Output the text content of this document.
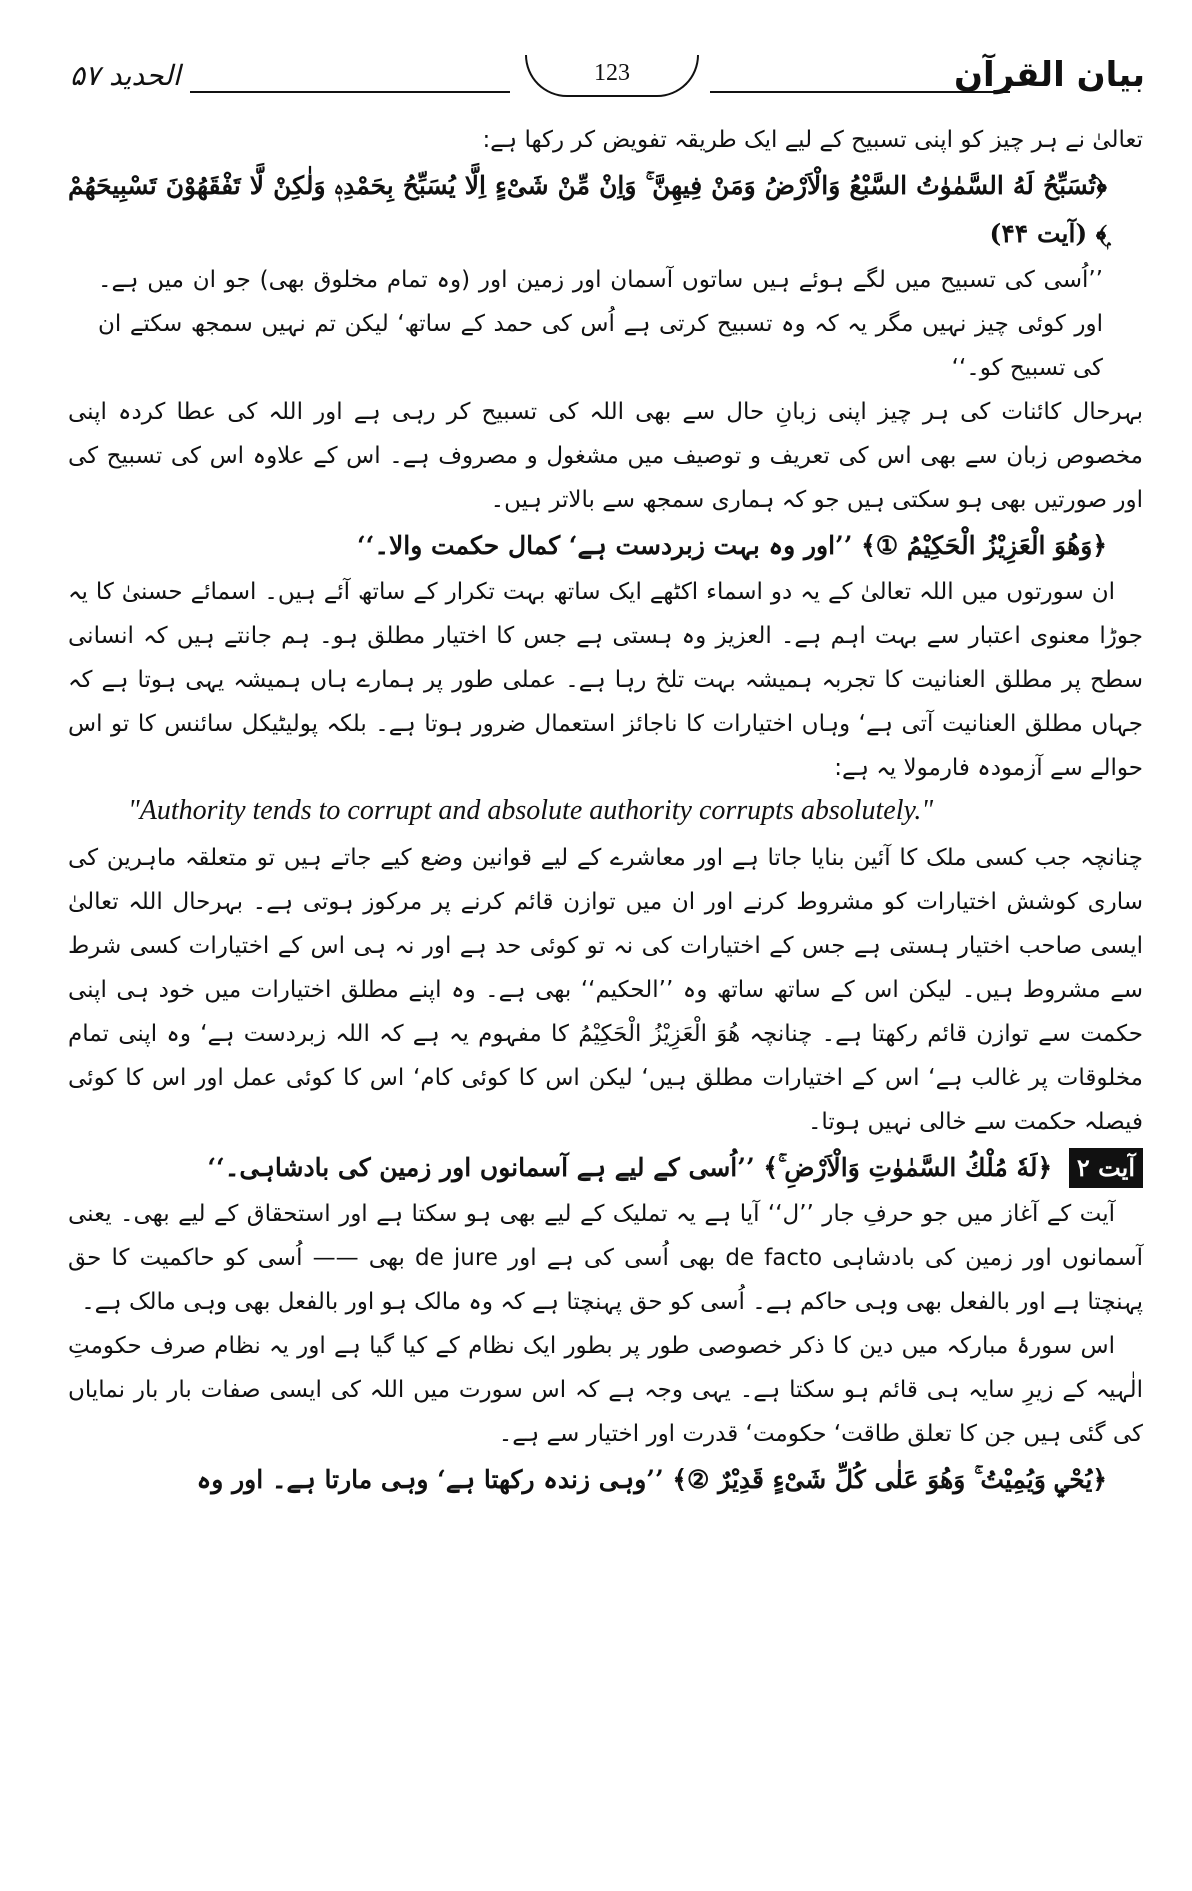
الحدید ۵۷	123	بیان القرآن

تعالیٰ نے ہر چیز کو اپنی تسبیح کے لیے ایک طریقہ تفویض کر رکھا ہے:

﴿تُسَبِّحُ لَهُ السَّمٰوٰتُ السَّبْعُ وَالْاَرْضُ وَمَنْ فِيهِنَّ ۚ وَاِنْ مِّنْ شَیْءٍ اِلَّا يُسَبِّحُ بِحَمْدِهٖ وَلٰكِنْ لَّا تَفْقَهُوْنَ تَسْبِيحَهُمْ ۭ﴾ (آیت ۴۴)

’’اُسی کی تسبیح میں لگے ہوئے ہیں ساتوں آسمان اور زمین اور (وہ تمام مخلوق بھی) جو ان میں ہے۔ اور کوئی چیز نہیں مگر یہ کہ وہ تسبیح کرتی ہے اُس کی حمد کے ساتھ‘ لیکن تم نہیں سمجھ سکتے ان کی تسبیح کو۔‘‘

بہرحال کائنات کی ہر چیز اپنی زبانِ حال سے بھی اللہ کی تسبیح کر رہی ہے اور اللہ کی عطا کردہ اپنی مخصوص زبان سے بھی اس کی تعریف و توصیف میں مشغول و مصروف ہے۔ اس کے علاوہ اس کی تسبیح کی اور صورتیں بھی ہو سکتی ہیں جو کہ ہماری سمجھ سے بالاتر ہیں۔

﴿وَهُوَ الْعَزِيْزُ الْحَكِيْمُ ①﴾ ’’اور وہ بہت زبردست ہے‘ کمال حکمت والا۔‘‘

ان سورتوں میں اللہ تعالیٰ کے یہ دو اسماء اکٹھے ایک ساتھ بہت تکرار کے ساتھ آئے ہیں۔ اسمائے حسنیٰ کا یہ جوڑا معنوی اعتبار سے بہت اہم ہے۔ العزیز وہ ہستی ہے جس کا اختیار مطلق ہو۔ ہم جانتے ہیں کہ انسانی سطح پر مطلق العنانیت کا تجربہ ہمیشہ بہت تلخ رہا ہے۔ عملی طور پر ہمارے ہاں ہمیشہ یہی ہوتا ہے کہ جہاں مطلق العنانیت آتی ہے‘ وہاں اختیارات کا ناجائز استعمال ضرور ہوتا ہے۔ بلکہ پولیٹیکل سائنس کا تو اس حوالے سے آزمودہ فارمولا یہ ہے:

"Authority tends to corrupt and absolute authority corrupts absolutely."

چنانچہ جب کسی ملک کا آئین بنایا جاتا ہے اور معاشرے کے لیے قوانین وضع کیے جاتے ہیں تو متعلقہ ماہرین کی ساری کوشش اختیارات کو مشروط کرنے اور ان میں توازن قائم کرنے پر مرکوز ہوتی ہے۔ بہرحال اللہ تعالیٰ ایسی صاحب اختیار ہستی ہے جس کے اختیارات کی نہ تو کوئی حد ہے اور نہ ہی اس کے اختیارات کسی شرط سے مشروط ہیں۔ لیکن اس کے ساتھ ساتھ وہ ’’الحکیم‘‘ بھی ہے۔ وہ اپنے مطلق اختیارات میں خود ہی اپنی حکمت سے توازن قائم رکھتا ہے۔ چنانچہ هُوَ الْعَزِيْزُ الْحَكِيْمُ کا مفہوم یہ ہے کہ اللہ زبردست ہے‘ وہ اپنی تمام مخلوقات پر غالب ہے‘ اس کے اختیارات مطلق ہیں‘ لیکن اس کا کوئی کام‘ اس کا کوئی عمل اور اس کا کوئی فیصلہ حکمت سے خالی نہیں ہوتا۔

آیت ۲ ﴿لَهٗ مُلْكُ السَّمٰوٰتِ وَالْاَرْضِ ۚ﴾ ’’اُسی کے لیے ہے آسمانوں اور زمین کی بادشاہی۔‘‘

آیت کے آغاز میں جو حرفِ جار ’’ل‘‘ آیا ہے یہ تملیک کے لیے بھی ہو سکتا ہے اور استحقاق کے لیے بھی۔ یعنی آسمانوں اور زمین کی بادشاہی de facto بھی اُسی کی ہے اور de jure بھی —— اُسی کو حاکمیت کا حق پہنچتا ہے اور بالفعل بھی وہی حاکم ہے۔ اُسی کو حق پہنچتا ہے کہ وہ مالک ہو اور بالفعل بھی وہی مالک ہے۔

اس سورۂ مبارکہ میں دین کا ذکر خصوصی طور پر بطور ایک نظام کے کیا گیا ہے اور یہ نظام صرف حکومتِ الٰہیہ کے زیرِ سایہ ہی قائم ہو سکتا ہے۔ یہی وجہ ہے کہ اس سورت میں اللہ کی ایسی صفات بار بار نمایاں کی گئی ہیں جن کا تعلق طاقت‘ حکومت‘ قدرت اور اختیار سے ہے۔

﴿يُحْيٖ وَيُمِيْتُ ۚ وَهُوَ عَلٰى كُلِّ شَیْءٍ قَدِيْرٌ ②﴾ ’’وہی زندہ رکھتا ہے‘ وہی مارتا ہے۔ اور وہ
